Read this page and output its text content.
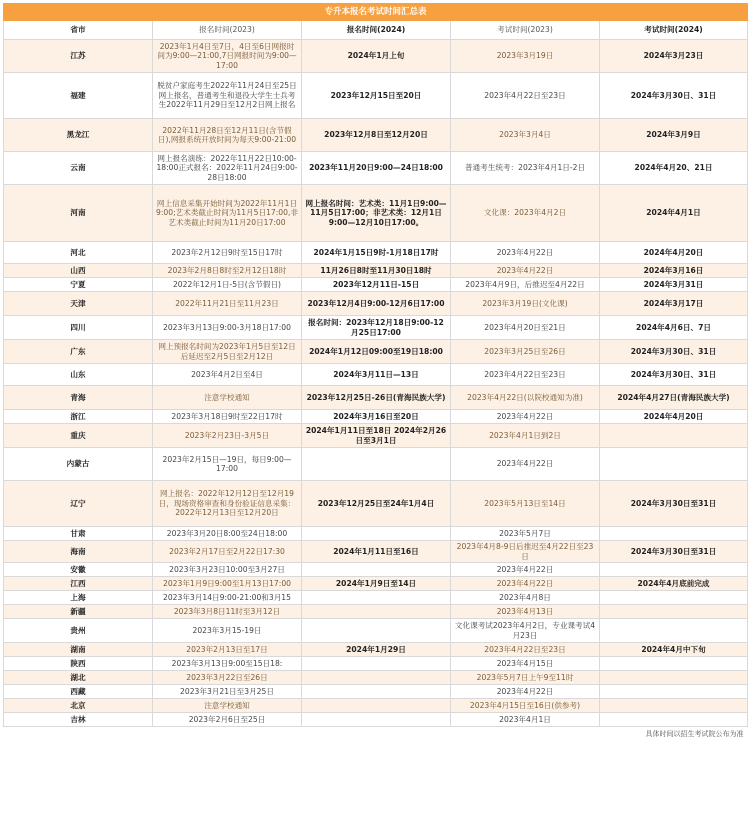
专升本报名考试时间汇总表				
省市	报名时间(2023)	报名时间(2024)	考试时间(2023)	考试时间(2024)
江苏	2023年1月4日至7日，4日至6日网报时间为9:00—21:00,7日网报时间为9:00—17:00	2024年1月上旬	2023年3月19日	2024年3月23日
福建	脱贫户家庭考生2022年11月24日至25日网上报名，普通考生和退役大学生士兵考生2022年11月29日至12月2日网上报名	2023年12月15日至20日	2023年4月22日至23日	2024年3月30日、31日
黑龙江	2022年11月28日至12月11日(含节假日),网报系统开放时间为每天9:00-21:00	2023年12月8日至12月20日	2023年3月4日	2024年3月9日
云南	网上报名演练：2022年11月22日10:00-18:00正式报名：2022年11月24日9:00-28日18:00	2023年11月20日9:00—24日18:00	普通考生统考：2023年4月1日-2日	2024年4月20、21日
河南	网上信息采集开始时间为2022年11月1日9:00;艺术类截止时间为11月5日17:00,非艺术类截止时间为11月20日17:00	网上报名时间：艺术类：11月1日9:00—11月5日17:00；非艺术类：12月1日9:00—12月10日17:00。	文化课：2023年4月2日	2024年4月1日
河北	2023年2月12日9时至15日17时	2024年1月15日9时-1月18日17时	2023年4月22日	2024年4月20日
山西	2023年2月8日8时至2月12日18时	11月26日8时至11月30日18时	2023年4月22日	2024年3月16日
宁夏	2022年12月1日-5日(含节假日)	2023年12月11日-15日	2023年4月9日，后推迟至4月22日	2024年3月31日
天津	2022年11月21日至11月23日	2023年12月4日9:00-12月6日17:00	2023年3月19日(文化课)	2024年3月17日
四川	2023年3月13日9:00-3月18日17:00	报名时间：2023年12月18日9:00-12月25日17:00	2023年4月20日至21日	2024年4月6日、7日
广东	网上预报名时间为2023年1月5日至12日后延迟至2月5日至2月12日	2024年1月12日09:00至19日18:00	2023年3月25日至26日	2024年3月30日、31日
山东	2023年4月2日至4日	2024年3月11日—13日	2023年4月22日至23日	2024年3月30日、31日
青海	注意学校通知	2023年12月25日-26日(青海民族大学)	2023年4月22日(以院校通知为准)	2024年4月27日(青海民族大学)
浙江	2023年3月18日9时至22日17时	2024年3月16日至20日	2023年4月22日	2024年4月20日
重庆	2023年2月23日-3月5日	2024年1月11日至18日 2024年2月26日至3月1日	2023年4月1日到2日	
内蒙古	2023年2月15日—19日，每日9:00—17:00		2023年4月22日	
辽宁	网上报名：2022年12月12日至12月19日，现场资格审查和身份验证信息采集：2022年12月13日至12月20日	2023年12月25日至24年1月4日	2023年5月13日至14日	2024年3月30日至31日
甘肃	2023年3月20日8:00至24日18:00		2023年5月7日	
海南	2023年2月17日至2月22日17:30	2024年1月11日至16日	2023年4月8-9日后推迟至4月22日至23日	2024年3月30日至31日
安徽	2023年3月23日10:00至3月27日		2023年4月22日	
江西	2023年1月9日9:00至1月13日17:00	2024年1月9日至14日	2023年4月22日	2024年4月底前完成
上海	2023年3月14日9:00-21:00和3月15		2023年4月8日	
新疆	2023年3月8日11时至3月12日		2023年4月13日	
贵州	2023年3月15-19日		文化课考试2023年4月2日，专业课考试4月23日	
湖南	2023年2月13日至17日	2024年1月29日	2023年4月22日至23日	2024年4月中下旬
陕西	2023年3月13日9:00至15日18:		2023年4月15日	
湖北	2023年3月22日至26日		2023年5月7日上午9至11时	
西藏	2023年3月21日至3月25日		2023年4月22日	
北京	注意学校通知		2023年4月15日至16日(供参考)	
吉林	2023年2月6日至25日		2023年4月1日	
具体时间以招生考试院公布为准				
